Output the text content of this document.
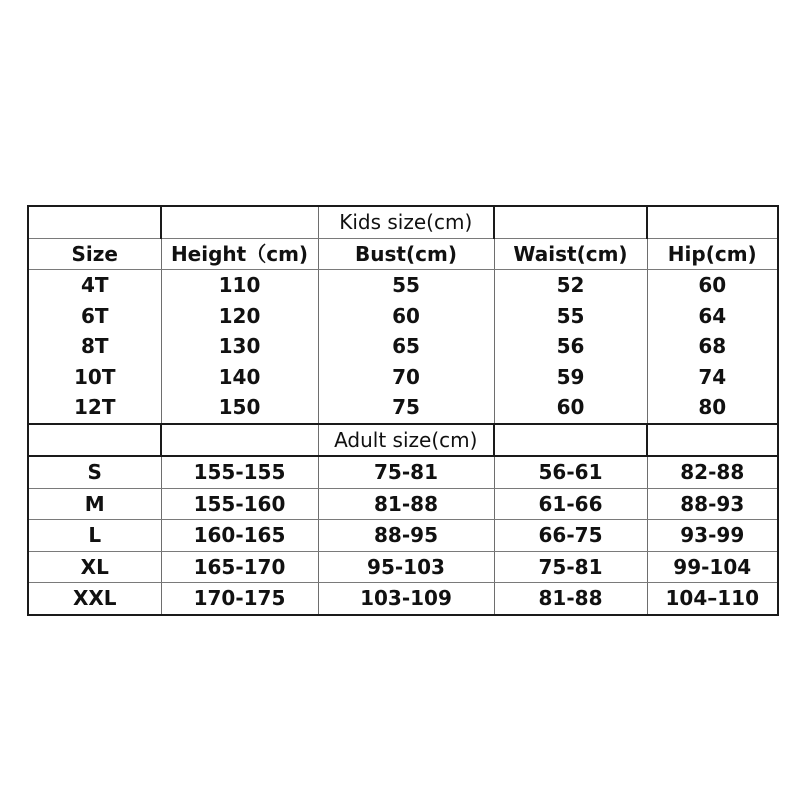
		Kids size(cm)		
Size	Height（cm)	Bust(cm)	Waist(cm)	Hip(cm)
4T	110	55	52	60
6T	120	60	55	64
8T	130	65	56	68
10T	140	70	59	74
12T	150	75	60	80
		Adult size(cm)		
S	155-155	75-81	56-61	82-88
M	155-160	81-88	61-66	88-93
L	160-165	88-95	66-75	93-99
XL	165-170	95-103	75-81	99-104
XXL	170-175	103-109	81-88	104–110
